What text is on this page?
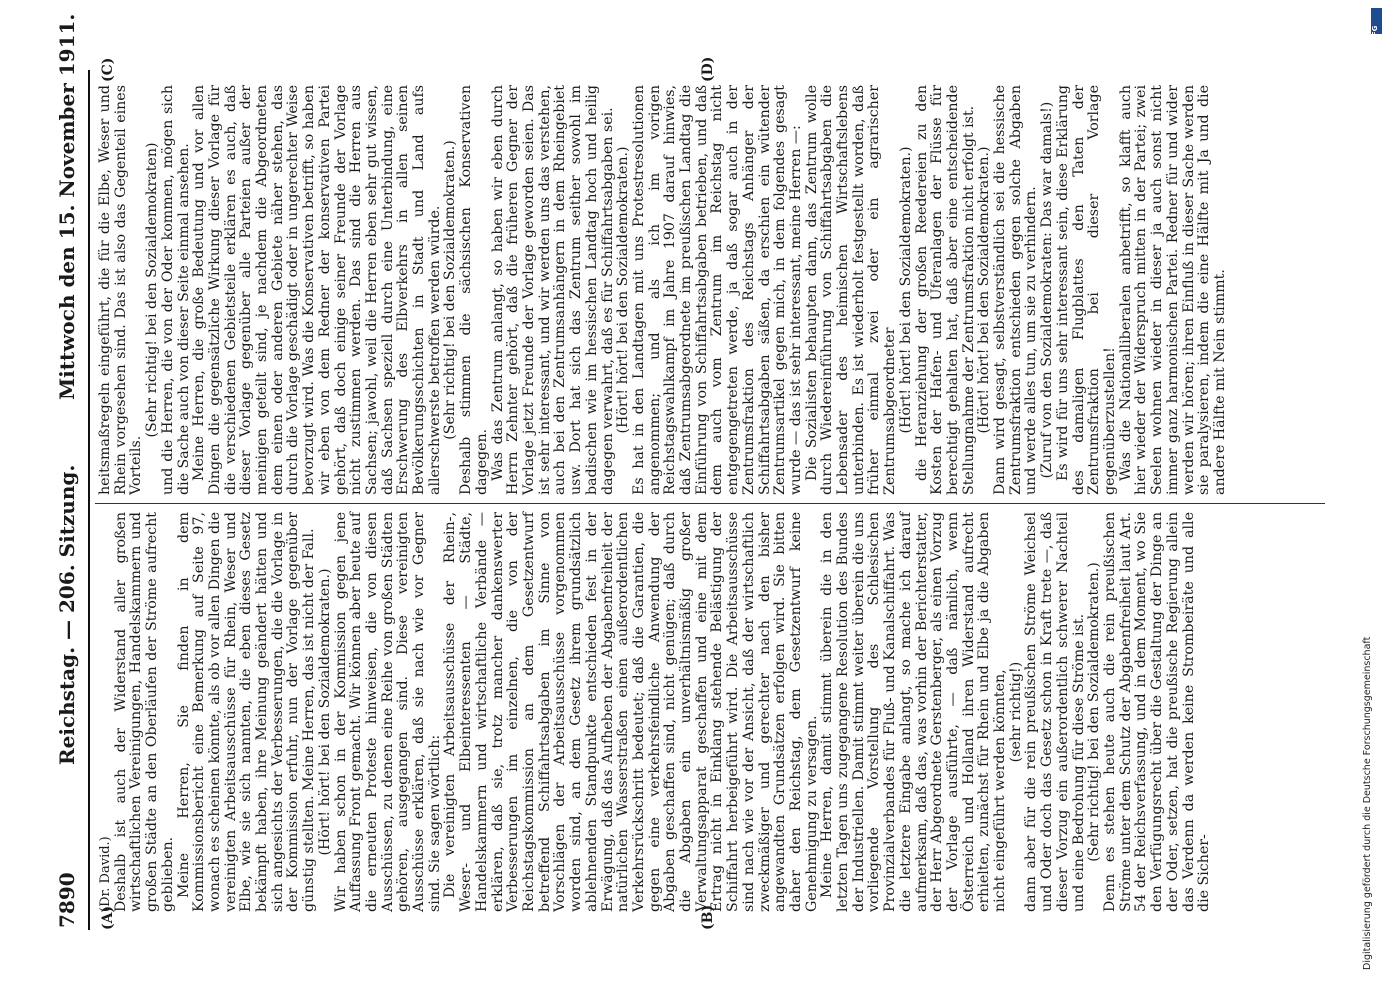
7890
Reichstag. — 206. Sitzung.
Mittwoch den 15. November 1911.
(A)	(B)
(C)	(D)

(Dr. David.) Deshalb ist auch der Widerstand aller großen wirtschaftlichen Vereinigungen, Handelskammern und großen Städte an den Oberläufen der Ströme aufrecht geblieben. Meine Herren, Sie finden in dem Kommissionsbericht eine Bemerkung auf Seite 97, wonach es scheinen könnte, als ob vor allen Dingen die vereinigten Arbeitsausschüsse für Rhein, Weser und Elbe, wie sie sich nannten, die eben dieses Gesetz bekämpft haben, ihre Meinung geändert hätten und sich angesichts der Verbesserungen, die die Vorlage in der Kommission erfuhr, nun der Vorlage gegenüber günstig stellten. Meine Herren, das ist nicht der Fall. (Hört! hört! bei den Sozialdemokraten.) Wir haben schon in der Kommission gegen jene Auffassung Front gemacht. Wir können aber heute auf die erneuten Proteste hinweisen, die von diesen Ausschüssen, zu denen eine Reihe von großen Städten gehören, ausgegangen sind. Diese vereinigten Ausschüsse erklären, daß sie nach wie vor Gegner sind. Sie sagen wörtlich: Die vereinigten Arbeitsausschüsse der Rhein-, Weser- und Elbeinteressenten — Städte, Handelskammern und wirtschaftliche Verbände — erklären, daß sie, trotz mancher dankenswerter Verbesserungen im einzelnen, die von der Reichstagskommission an dem Gesetzentwurf betreffend Schiffahrtsabgaben im Sinne von Vorschlägen der Arbeitsausschüsse vorgenommen worden sind, an dem Gesetz ihrem grundsätzlich ablehnenden Standpunkte entschieden fest in der Erwägung, daß das Aufheben der Abgabenfreiheit der natürlichen Wasserstraßen einen außerordentlichen Verkehrsrückschritt bedeutet; daß die Garantien, die gegen eine verkehrsfeindliche Anwendung der Abgaben geschaffen sind, nicht genügen; daß durch die Abgaben ein unverhältnismäßig großer Verwaltungsapparat geschaffen und eine mit dem Ertrag nicht in Einklang stehende Belästigung der Schiffahrt herbeigeführt wird. Die Arbeitsausschüsse sind nach wie vor der Ansicht, daß der wirtschaftlich zweckmäßiger und gerechter nach den bisher angewandten Grundsätzen erfolgen wird. Sie bitten daher den Reichstag, dem Gesetzentwurf keine Genehmigung zu versagen. Meine Herren, damit stimmt überein die in den letzten Tagen uns zugegangene Resolution des Bundes der Industriellen. Damit stimmt weiter überein die uns vorliegende Vorstellung des Schlesischen Provinzialverbandes für Fluß- und Kanalschiffahrt. Was die letztere Eingabe anlangt, so mache ich darauf aufmerksam, daß das, was vorhin der Berichterstatter, der Herr Abgeordnete Gerstenberger, als einen Vorzug der Vorlage ausführte, — daß nämlich, wenn Österreich und Holland ihren Widerstand aufrecht erhielten, zunächst für Rhein und Elbe ja die Abgaben nicht eingeführt werden könnten, (sehr richtig!) dann aber für die rein preußischen Ströme Weichsel und Oder doch das Gesetz schon in Kraft trete —, daß dieser Vorzug ein außerordentlich schwerer Nachteil und eine Bedrohung für diese Ströme ist. (Sehr richtig! bei den Sozialdemokraten.) Denn es stehen heute auch die rein preußischen Ströme unter dem Schutz der Abgabenfreiheit laut Art. 54 der Reichsverfassung, und in dem Moment, wo Sie den Verfügungsrecht über die Gestaltung der Dinge an der Oder, setzen, hat die preußische Regierung allein das Verdenn da werden keine Strombeiräte und alle die Sicher-

heitsmaßregeln eingeführt, die für die Elbe, Weser und Rhein vorgesehen sind. Das ist also das Gegenteil eines Vorteils.

(Sehr richtig! bei den Sozialdemokraten) und die Herren, die von der Oder kommen, mögen sich die Sache auch von dieser Seite einmal ansehen. Meine Herren, die große Bedeutung und vor allen Dingen die gegensätzliche Wirkung dieser Vorlage für die verschiedenen Gebietsteile erklären es auch, daß dieser Vorlage gegenüber alle Parteien außer der meinigen geteilt sind, je nachdem die Abgeordneten dem einen oder anderen Gebiete näher stehen, das durch die Vorlage geschädigt oder in ungerechter Weise bevorzugt wird. Was die Konservativen betrifft, so haben wir eben von dem Redner der konservativen Partei gehört, daß doch einige seiner Freunde der Vorlage nicht zustimmen werden. Das sind die Herren aus Sachsen; jawohl, weil die Herren eben sehr gut wissen, daß Sachsen speziell durch eine Unterbindung, eine Erschwerung des Elbverkehrs in allen seinen Bevölkerungsschichten in Stadt und Land aufs allerschwerste betroffen werden würde. (Sehr richtig! bei den Sozialdemokraten.) Deshalb stimmen die sächsischen Konservativen dagegen. Was das Zentrum anlangt, so haben wir eben durch Herrn Zehnter gehört, daß die früheren Gegner der Vorlage jetzt Freunde der Vorlage geworden seien. Das ist sehr interessant, und wir werden uns das verstehen, auch bei den Zentrumsanhängern in dem Rheingebiet usw. Dort hat sich das Zentrum seither sowohl im badischen wie im hessischen Landtag hoch und heilig dagegen verwahrt, daß es für Schiffahrtsabgaben sei. (Hört! hört! bei den Sozialdemokraten.) Es hat in den Landtagen mit uns Protestresolutionen angenommen; und als ich im vorigen Reichstagswahlkampf im Jahre 1907 darauf hinwies, daß Zentrumsabgeordnete im preußischen Landtag die Einführung von Schiffahrtsabgaben betrieben, und daß dem auch vom Zentrum im Reichstag nicht entgegengetreten werde, ja daß sogar auch in der Zentrumsfraktion des Reichstags Anhänger der Schiffahrtsabgaben säßen, da erschien ein wütender Zentrumsartikel gegen mich, in dem folgendes gesagt wurde — das ist sehr interessant, meine Herren —: Die Sozialisten behaupten dann, das Zentrum wolle durch Wiedereinführung von Schiffahrtsabgaben die Lebensader des heimischen Wirtschaftslebens unterbinden. Es ist wiederholt festgestellt worden, daß früher einmal zwei oder ein agrarischer Zentrumsabgeordneter (Hört! hört! bei den Sozialdemokraten.) die Heranziehung der großen Reedereien zu den Kosten der Hafen- und Uferanlagen der Flüsse für berechtigt gehalten hat, daß aber eine entscheidende Stellungnahme der Zentrumsfraktion nicht erfolgt ist. (Hört! hört! bei den Sozialdemokraten.) Dann wird gesagt, selbstverständlich sei die hessische Zentrumsfraktion entschieden gegen solche Abgaben und werde alles tun, um sie zu verhindern. (Zuruf von den Sozialdemokraten: Das war damals!) Es wird für uns sehr interessant sein, diese Erklärung des damaligen Flugblattes den Taten der Zentrumsfraktion bei dieser Vorlage gegenüberzustellen! Was die Nationalliberalen anbetrifft, so klafft auch hier wieder der Widerspruch mitten in der Partei; zwei Seelen wohnen wieder in dieser ja auch sonst nicht immer ganz harmonischen Partei. Redner für und wider werden wir hören; ihren Einfluß in dieser Sache werden sie paralysieren, indem die eine Hälfte mit Ja und die andere Hälfte mit Nein stimmt.

DFG
Digitalisierung gefördert durch die Deutsche Forschungsgemeinschaft
